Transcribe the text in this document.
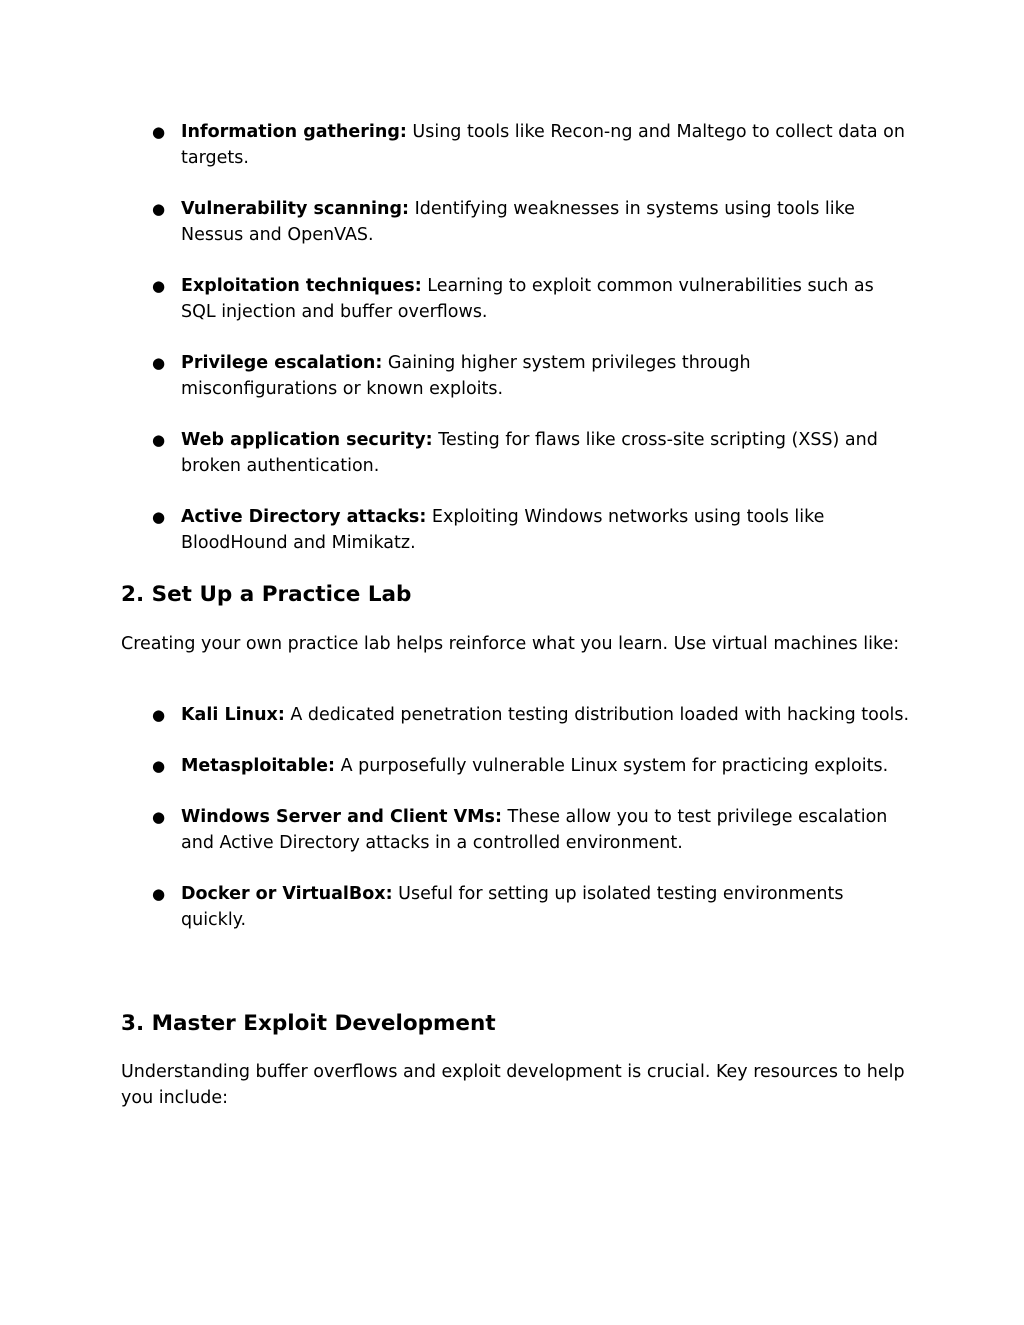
● Information gathering: Using tools like Recon-ng and Maltego to collect data on targets.
● Vulnerability scanning: Identifying weaknesses in systems using tools like Nessus and OpenVAS.
● Exploitation techniques: Learning to exploit common vulnerabilities such as SQL injection and buffer overflows.
● Privilege escalation: Gaining higher system privileges through misconfigurations or known exploits.
● Web application security: Testing for flaws like cross-site scripting (XSS) and broken authentication.
● Active Directory attacks: Exploiting Windows networks using tools like BloodHound and Mimikatz.
2. Set Up a Practice Lab

Creating your own practice lab helps reinforce what you learn. Use virtual machines like:

● Kali Linux: A dedicated penetration testing distribution loaded with hacking tools.
● Metasploitable: A purposefully vulnerable Linux system for practicing exploits.
● Windows Server and Client VMs: These allow you to test privilege escalation and Active Directory attacks in a controlled environment.
● Docker or VirtualBox: Useful for setting up isolated testing environments quickly.
3. Master Exploit Development

Understanding buffer overflows and exploit development is crucial. Key resources to help you include:
